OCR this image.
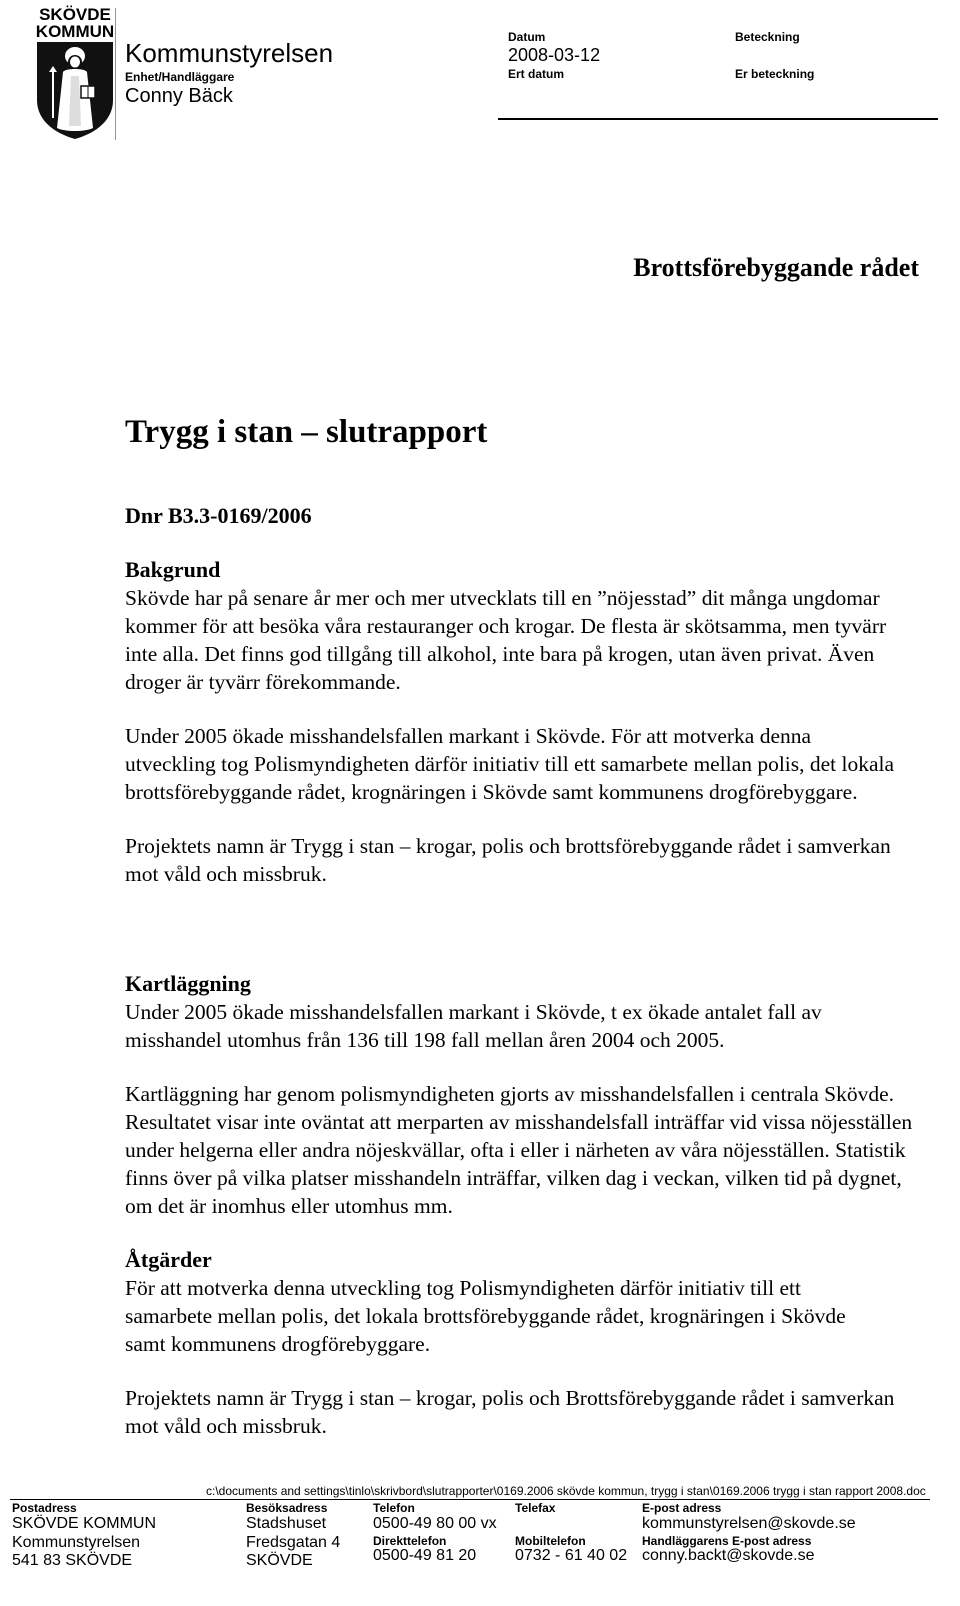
SKÖVDE
KOMMUN
Kommunstyrelsen
Enhet/Handläggare
Conny Bäck
Datum
2008-03-12
Ert datum
Beteckning
Er beteckning
Brottsförebyggande rådet
Trygg i stan – slutrapport
Dnr B3.3-0169/2006

Bakgrund

Skövde har på senare år mer och mer utvecklats till en ”nöjesstad” dit många ungdomar kommer för att besöka våra restauranger och krogar. De flesta är skötsamma, men tyvärr inte alla. Det finns god tillgång till alkohol, inte bara på krogen, utan även privat. Även droger är tyvärr förekommande.

Under 2005 ökade misshandelsfallen markant i Skövde. För att motverka denna utveckling tog Polismyndigheten därför initiativ till ett samarbete mellan polis, det lokala brottsförebyggande rådet, krognäringen i Skövde samt kommunens drogförebyggare.

Projektets namn är Trygg i stan – krogar, polis och brottsförebyggande rådet i samverkan mot våld och missbruk.

Kartläggning

Under 2005 ökade misshandelsfallen markant i Skövde, t ex ökade antalet fall av misshandel utomhus från 136 till 198 fall mellan åren 2004 och 2005.

Kartläggning har genom polismyndigheten gjorts av misshandelsfallen i centrala Skövde. Resultatet visar inte oväntat att merparten av misshandelsfall inträffar vid vissa nöjesställen under helgerna eller andra nöjeskvällar, ofta i eller i närheten av våra nöjesställen. Statistik finns över på vilka platser misshandeln inträffar, vilken dag i veckan, vilken tid på dygnet, om det är inomhus eller utomhus mm.

Åtgärder

För att motverka denna utveckling tog Polismyndigheten därför initiativ till ett samarbete mellan polis, det lokala brottsförebyggande rådet, krognäringen i Skövde samt kommunens drogförebyggare.

Projektets namn är Trygg i stan – krogar, polis och Brottsförebyggande rådet i samverkan mot våld och missbruk.

c:\documents and settings\tinlo\skrivbord\slutrapporter\0169.2006 skövde kommun, trygg i stan\0169.2006 trygg i stan rapport 2008.doc
Postadress
SKÖVDE KOMMUN
Kommunstyrelsen
541 83 SKÖVDE
Besöksadress
Stadshuset
Fredsgatan 4
SKÖVDE
Telefon
0500-49 80 00 vx
Direkttelefon
0500-49 81 20
Telefax
Mobiltelefon
0732 - 61 40 02
E-post adress
kommunstyrelsen@skovde.se
Handläggarens E-post adress
conny.backt@skovde.se
